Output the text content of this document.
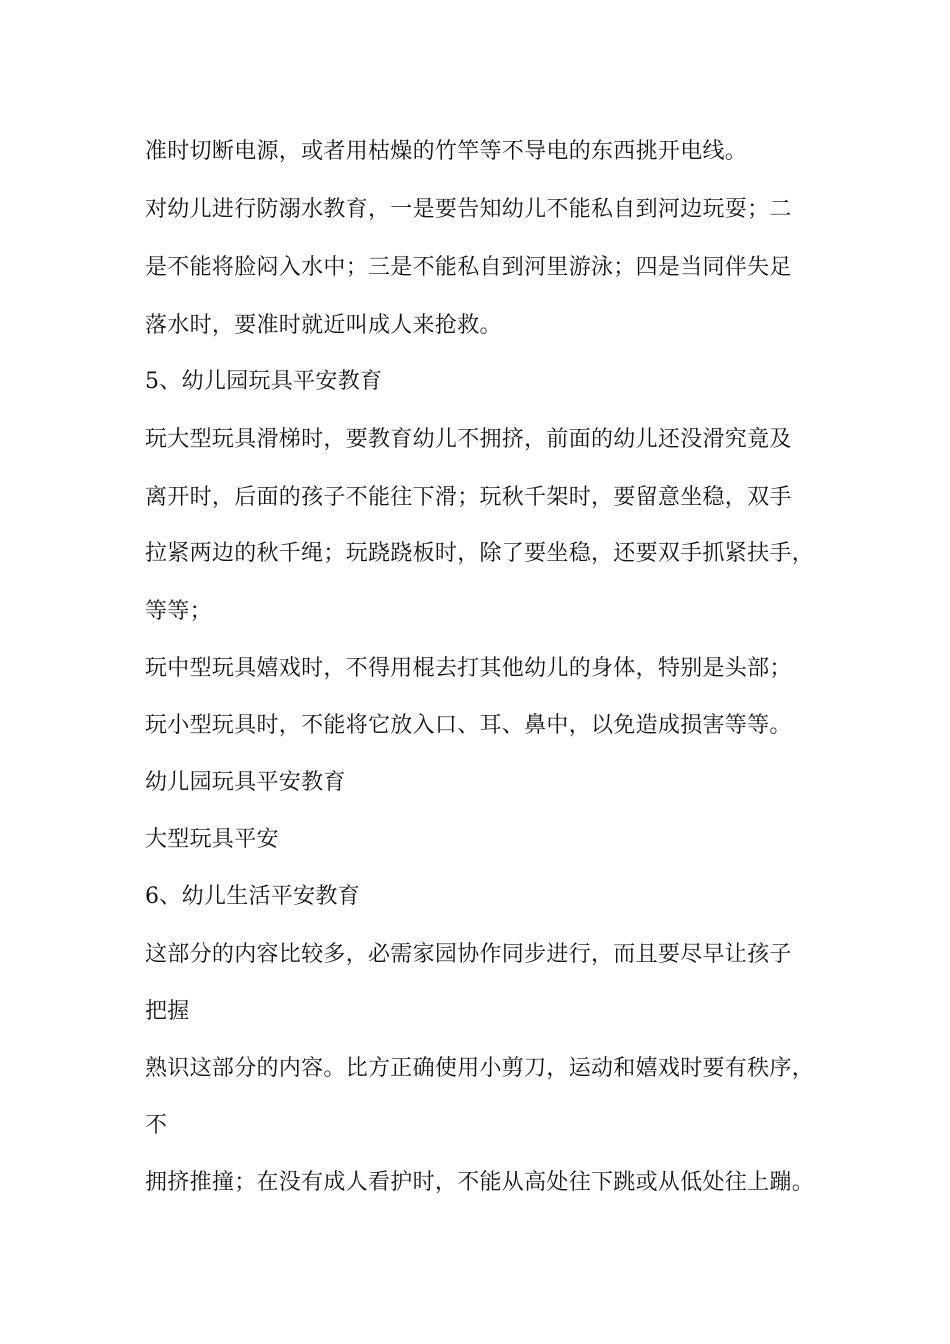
准时切断电源，或者用枯燥的竹竿等不导电的东西挑开电线。
对幼儿进行防溺水教育，一是要告知幼儿不能私自到河边玩耍；二
是不能将脸闷入水中；三是不能私自到河里游泳；四是当同伴失足
落水时，要准时就近叫成人来抢救。
5、幼儿园玩具平安教育
玩大型玩具滑梯时，要教育幼儿不拥挤，前面的幼儿还没滑究竟及
离开时，后面的孩子不能往下滑；玩秋千架时，要留意坐稳，双手
拉紧两边的秋千绳；玩跷跷板时，除了要坐稳，还要双手抓紧扶手，
等等；
玩中型玩具嬉戏时，不得用棍去打其他幼儿的身体，特别是头部；
玩小型玩具时，不能将它放入口、耳、鼻中，以免造成损害等等。
幼儿园玩具平安教育
大型玩具平安
6、幼儿生活平安教育
这部分的内容比较多，必需家园协作同步进行，而且要尽早让孩子
把握
熟识这部分的内容。比方正确使用小剪刀，运动和嬉戏时要有秩序，
不
拥挤推撞；在没有成人看护时，不能从高处往下跳或从低处往上蹦。
